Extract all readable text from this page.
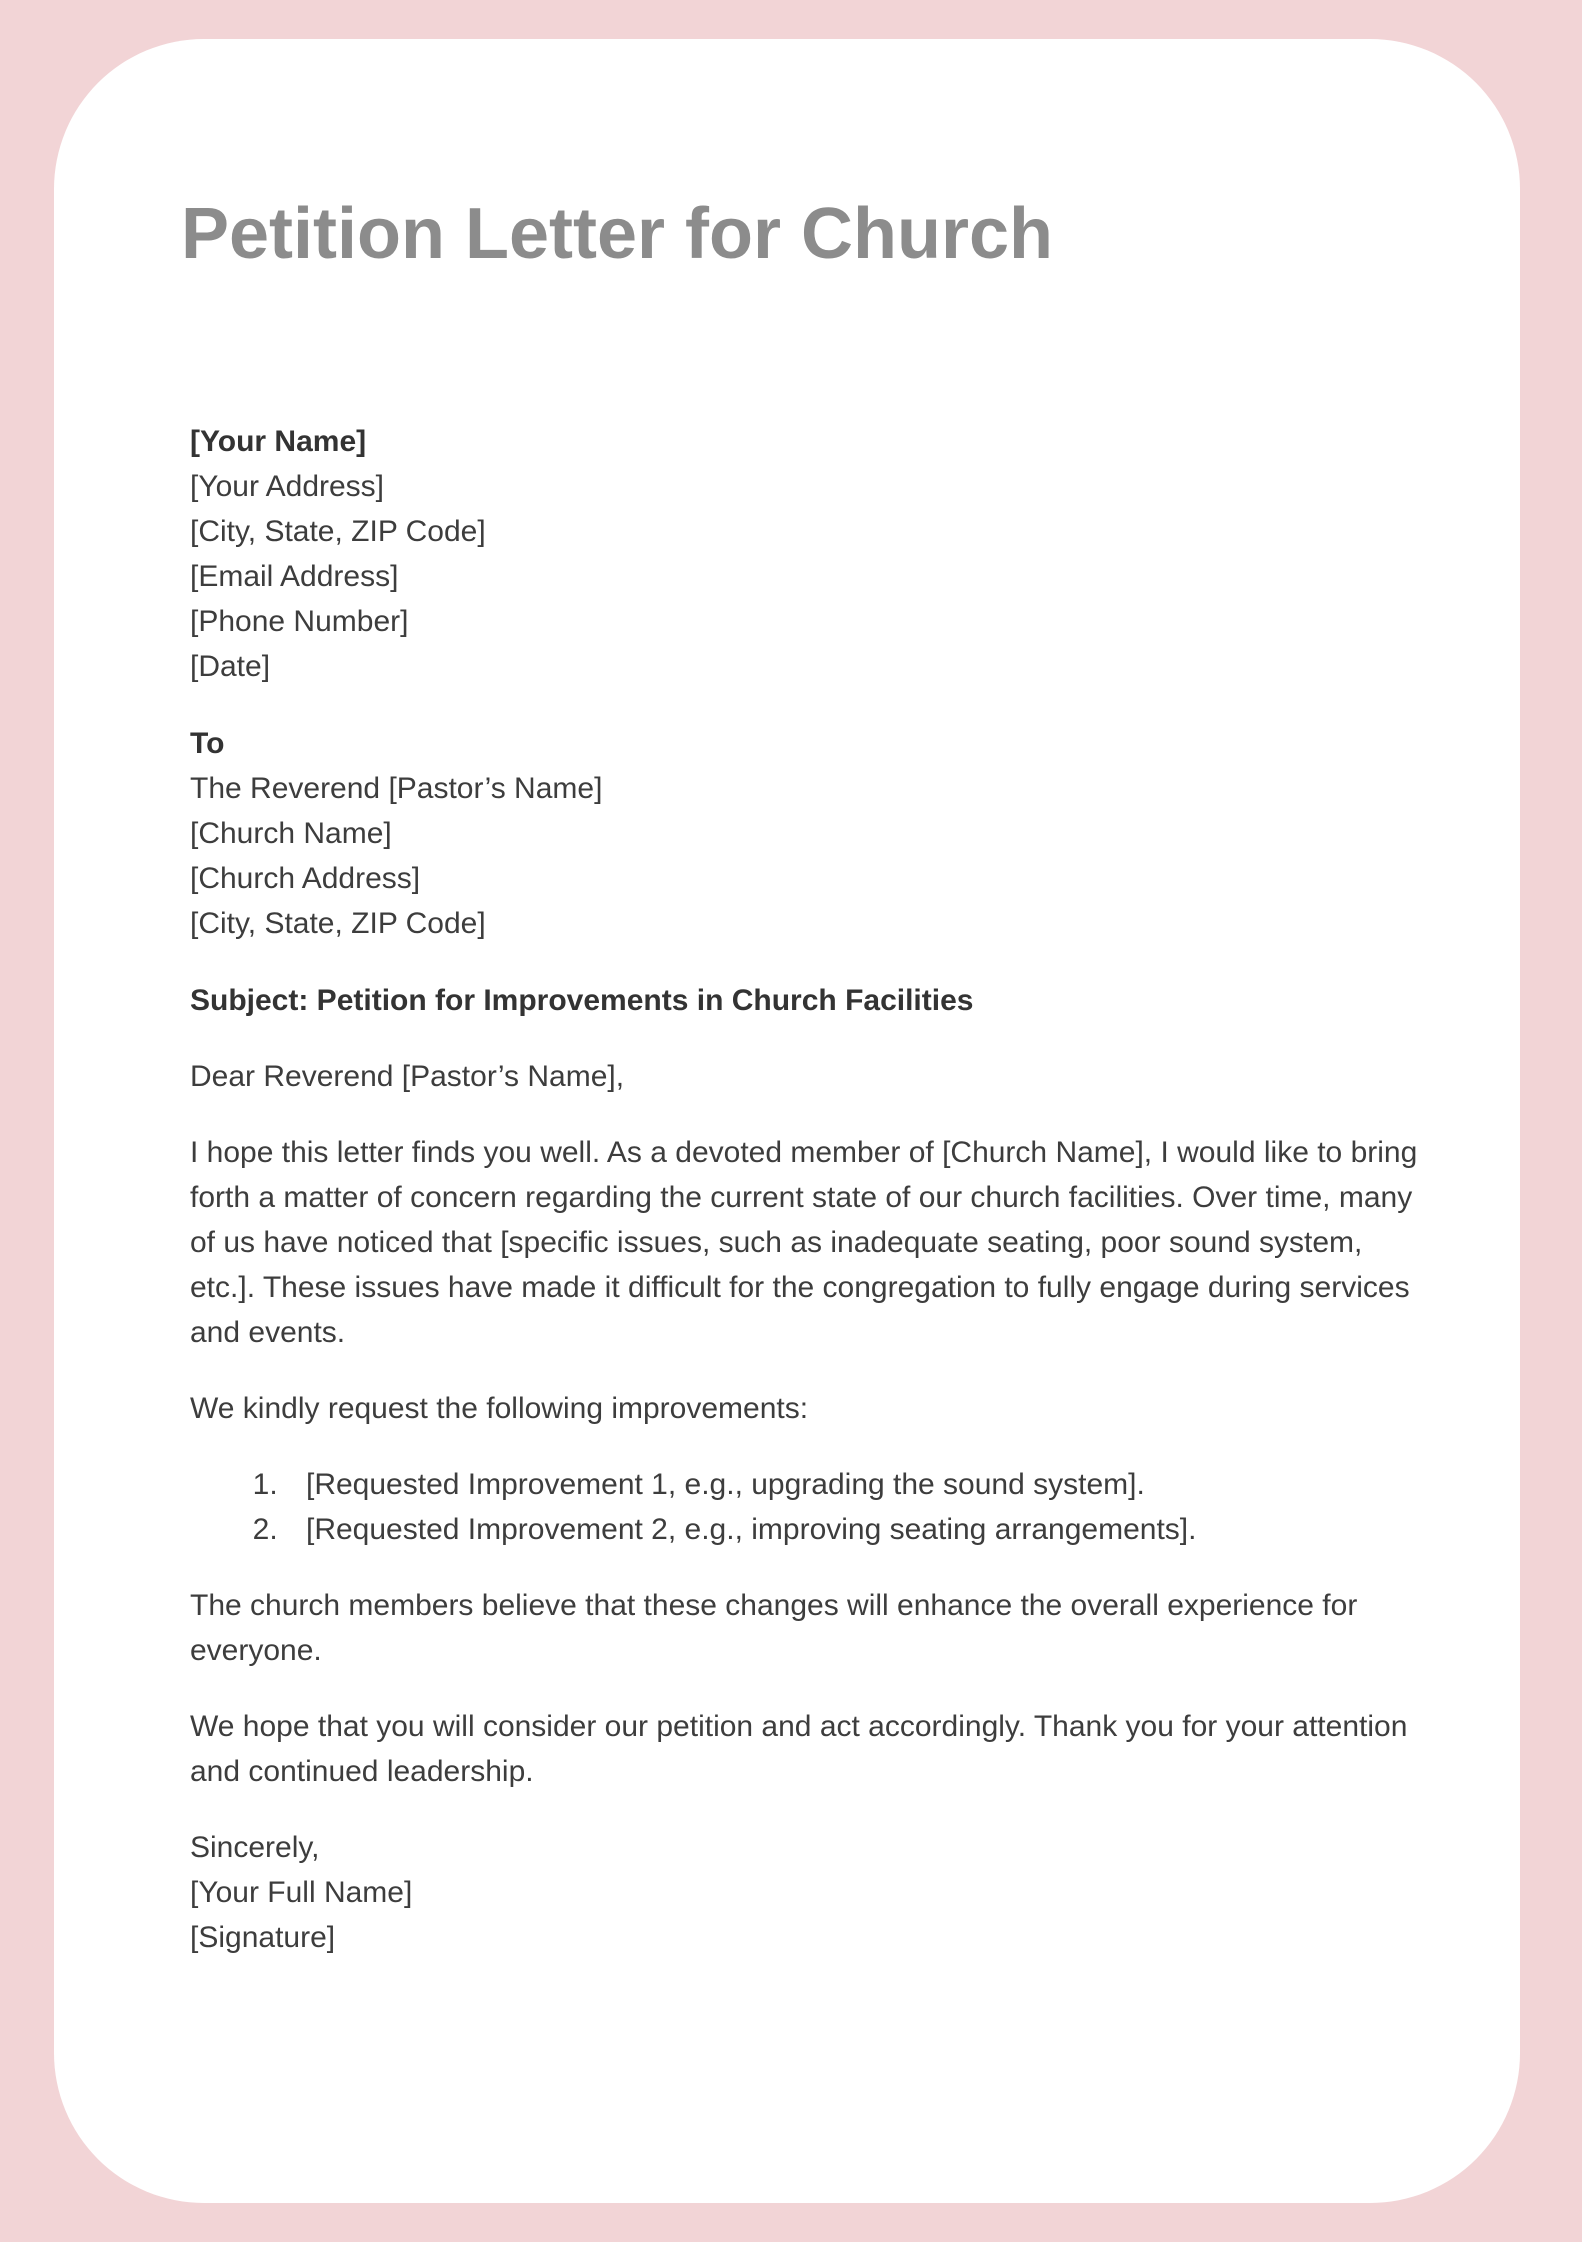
Petition Letter for Church
[Your Name]
[Your Address]
[City, State, ZIP Code]
[Email Address]
[Phone Number]
[Date]
To
The Reverend [Pastor’s Name]
[Church Name]
[Church Address]
[City, State, ZIP Code]

Subject: Petition for Improvements in Church Facilities

Dear Reverend [Pastor’s Name],

I hope this letter finds you well. As a devoted member of [Church Name], I would like to bring forth a matter of concern regarding the current state of our church facilities. Over time, many of us have noticed that [specific issues, such as inadequate seating, poor sound system, etc.]. These issues have made it difficult for the congregation to fully engage during services and events.

We kindly request the following improvements:

1. [Requested Improvement 1, e.g., upgrading the sound system].
2. [Requested Improvement 2, e.g., improving seating arrangements].

The church members believe that these changes will enhance the overall experience for everyone.

We hope that you will consider our petition and act accordingly. Thank you for your attention and continued leadership.

Sincerely,
[Your Full Name]
[Signature]
